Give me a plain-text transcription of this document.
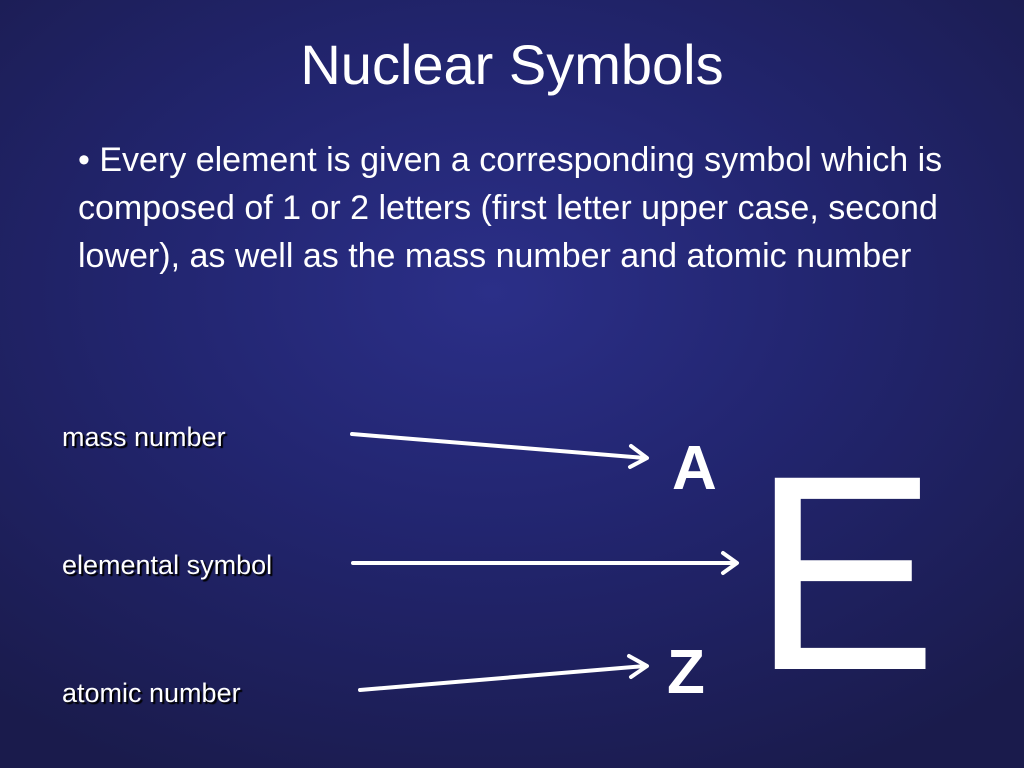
Nuclear Symbols

• Every element is given a corresponding symbol which is composed of 1 or 2 letters (first letter upper case, second lower), as well as the mass number and atomic number

mass number
elemental symbol
atomic number
A E
Z
